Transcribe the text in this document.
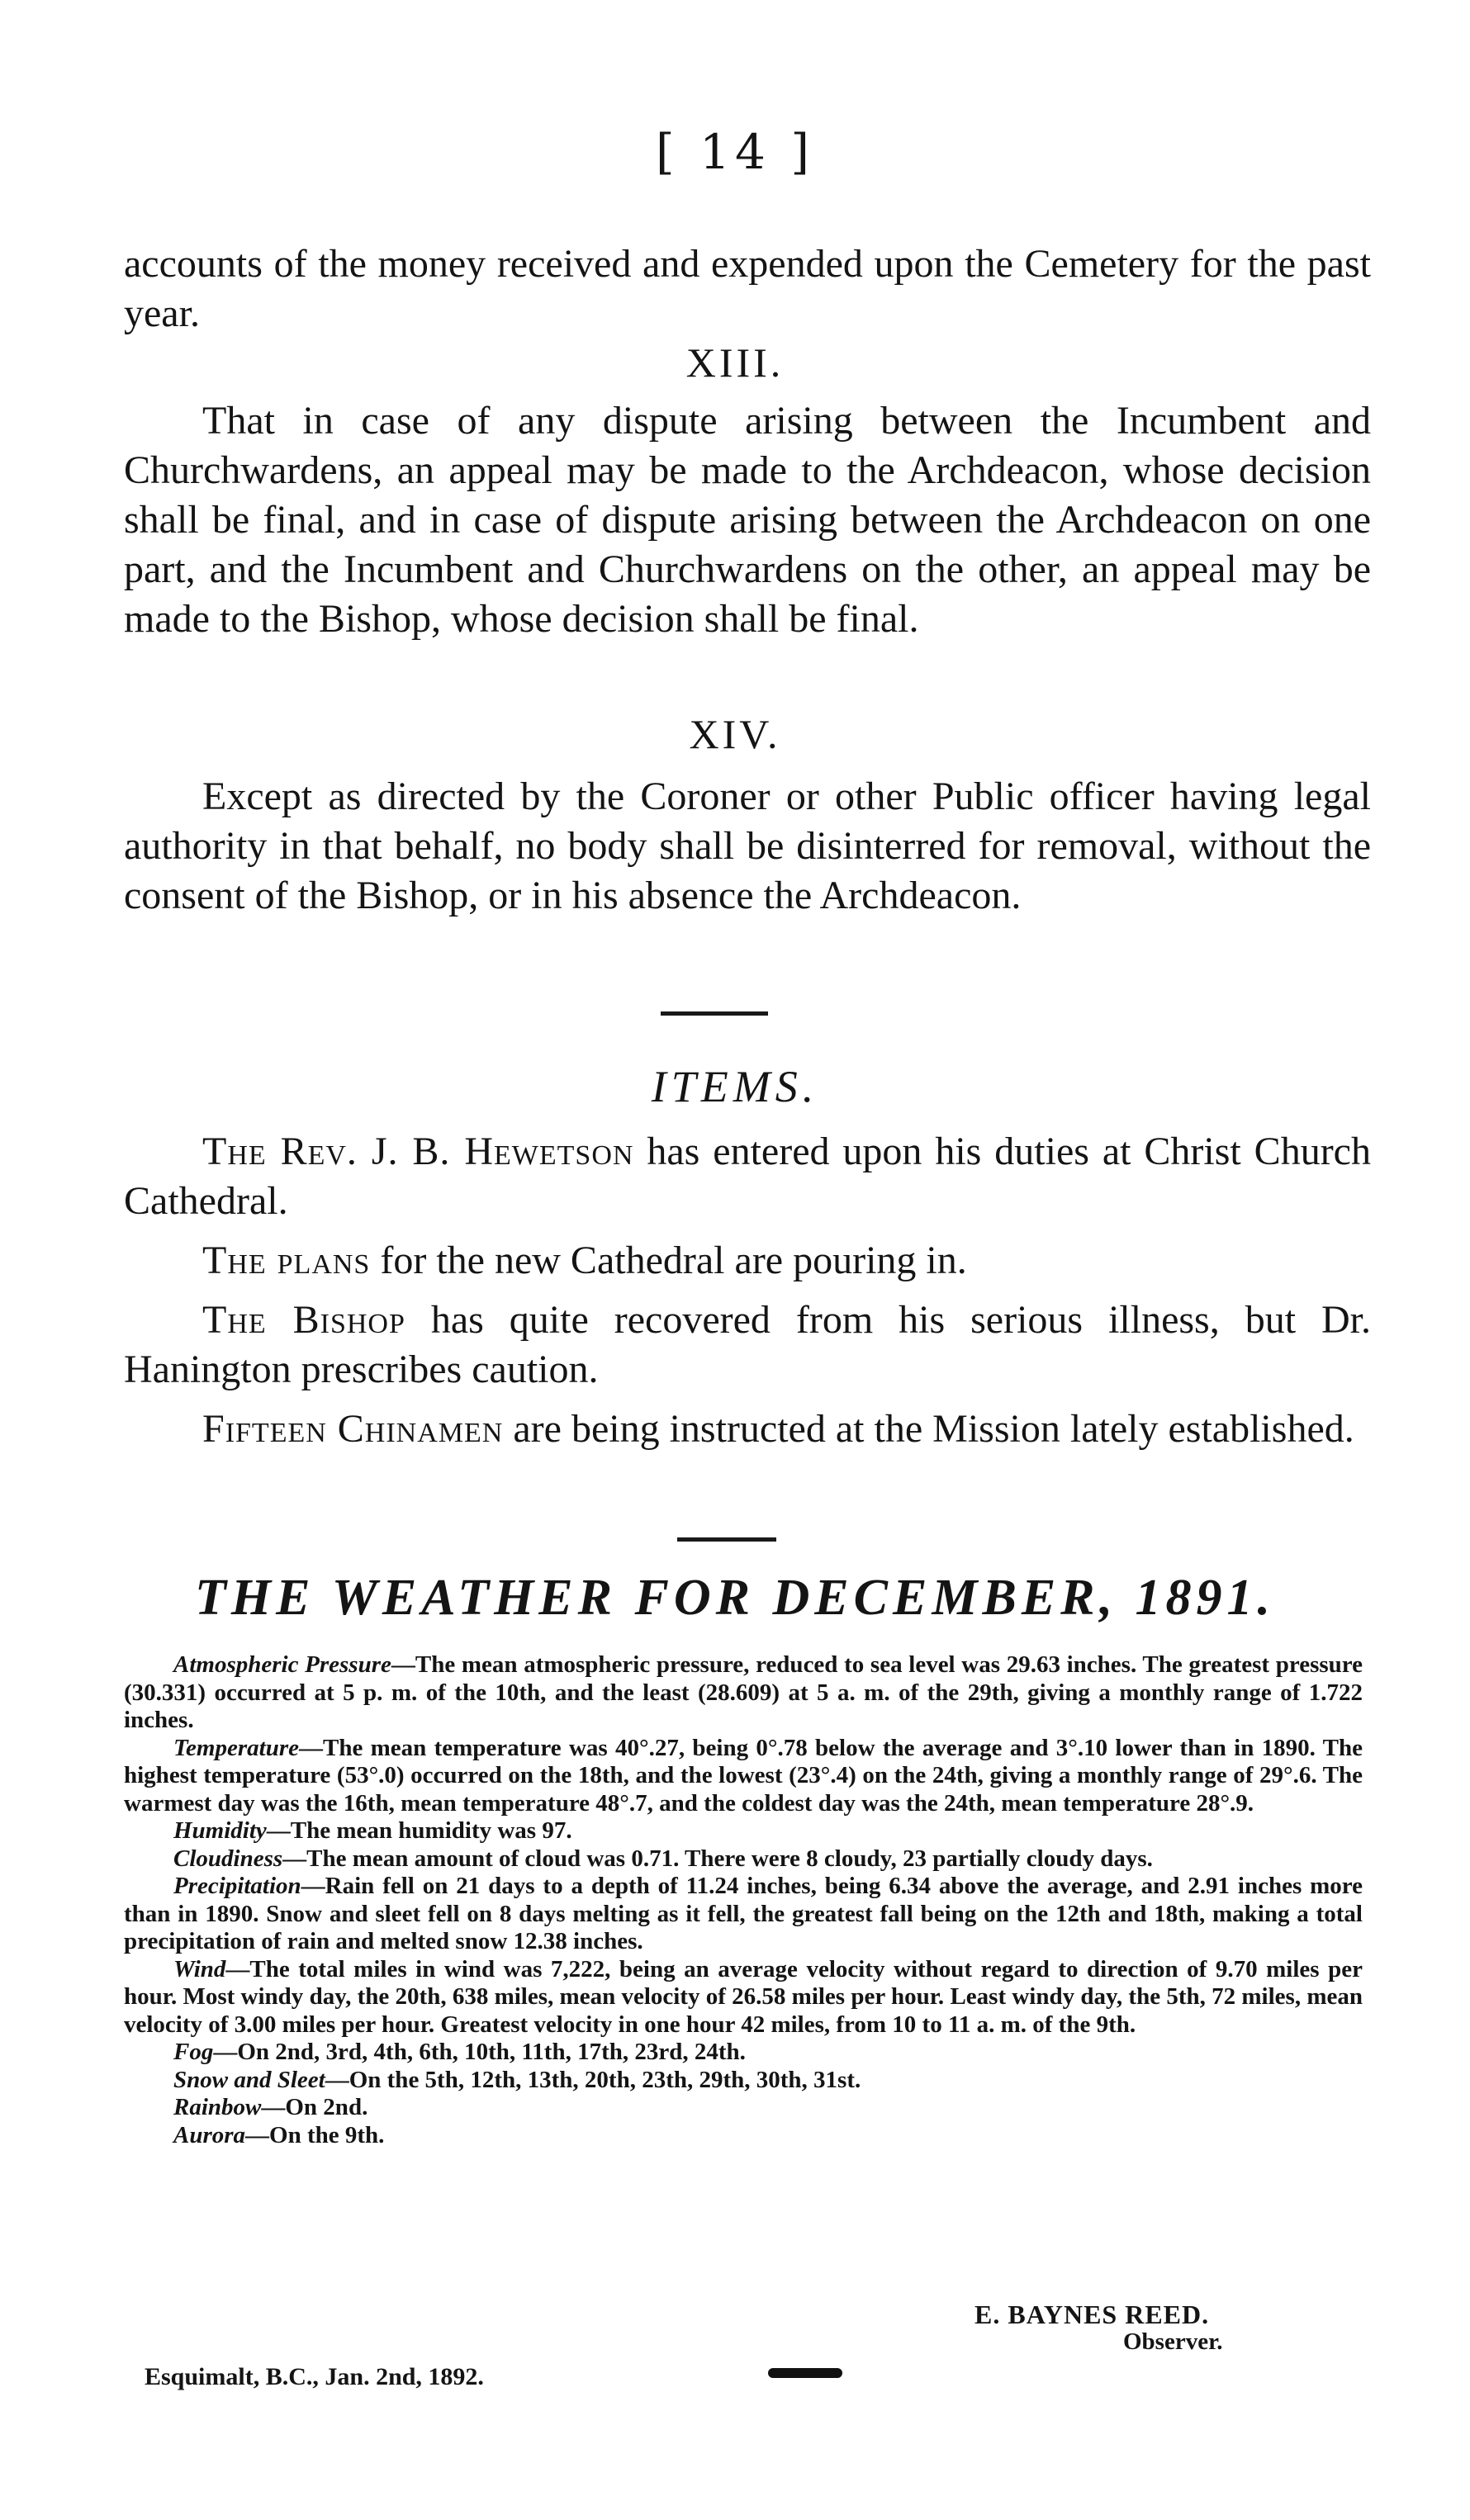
[ 14 ]

accounts of the money received and expended upon the Cemetery for the past year.

XIII.

That in case of any dispute arising between the Incumbent and Churchwardens, an appeal may be made to the Archdeacon, whose decision shall be final, and in case of dispute arising between the Archdeacon on one part, and the Incumbent and Churchwardens on the other, an appeal may be made to the Bishop, whose decision shall be final.

XIV.

Except as directed by the Coroner or other Public officer having legal authority in that behalf, no body shall be disinterred for removal, without the consent of the Bishop, or in his absence the Archdeacon.

ITEMS.

The Rev. J. B. Hewetson has entered upon his duties at Christ Church Cathedral.

The plans for the new Cathedral are pouring in.

The Bishop has quite recovered from his serious illness, but Dr. Hanington prescribes caution.

Fifteen Chinamen are being instructed at the Mission lately established.

THE WEATHER FOR DECEMBER, 1891.

Atmospheric Pressure—The mean atmospheric pressure, reduced to sea level was 29.63 inches. The greatest pressure (30.331) occurred at 5 p. m. of the 10th, and the least (28.609) at 5 a. m. of the 29th, giving a monthly range of 1.722 inches.

Temperature—The mean temperature was 40°.27, being 0°.78 below the average and 3°.10 lower than in 1890. The highest temperature (53°.0) occurred on the 18th, and the lowest (23°.4) on the 24th, giving a monthly range of 29°.6. The warmest day was the 16th, mean temperature 48°.7, and the coldest day was the 24th, mean temperature 28°.9.

Humidity—The mean humidity was 97.

Cloudiness—The mean amount of cloud was 0.71. There were 8 cloudy, 23 partially cloudy days.

Precipitation—Rain fell on 21 days to a depth of 11.24 inches, being 6.34 above the average, and 2.91 inches more than in 1890. Snow and sleet fell on 8 days melting as it fell, the greatest fall being on the 12th and 18th, making a total precipitation of rain and melted snow 12.38 inches.

Wind—The total miles in wind was 7,222, being an average velocity without regard to direction of 9.70 miles per hour. Most windy day, the 20th, 638 miles, mean velocity of 26.58 miles per hour. Least windy day, the 5th, 72 miles, mean velocity of 3.00 miles per hour. Greatest velocity in one hour 42 miles, from 10 to 11 a. m. of the 9th.

Fog—On 2nd, 3rd, 4th, 6th, 10th, 11th, 17th, 23rd, 24th.

Snow and Sleet—On the 5th, 12th, 13th, 20th, 23th, 29th, 30th, 31st.

Rainbow—On 2nd.

Aurora—On the 9th.

E. BAYNES REED.
Observer.
Esquimalt, B.C., Jan. 2nd, 1892.
